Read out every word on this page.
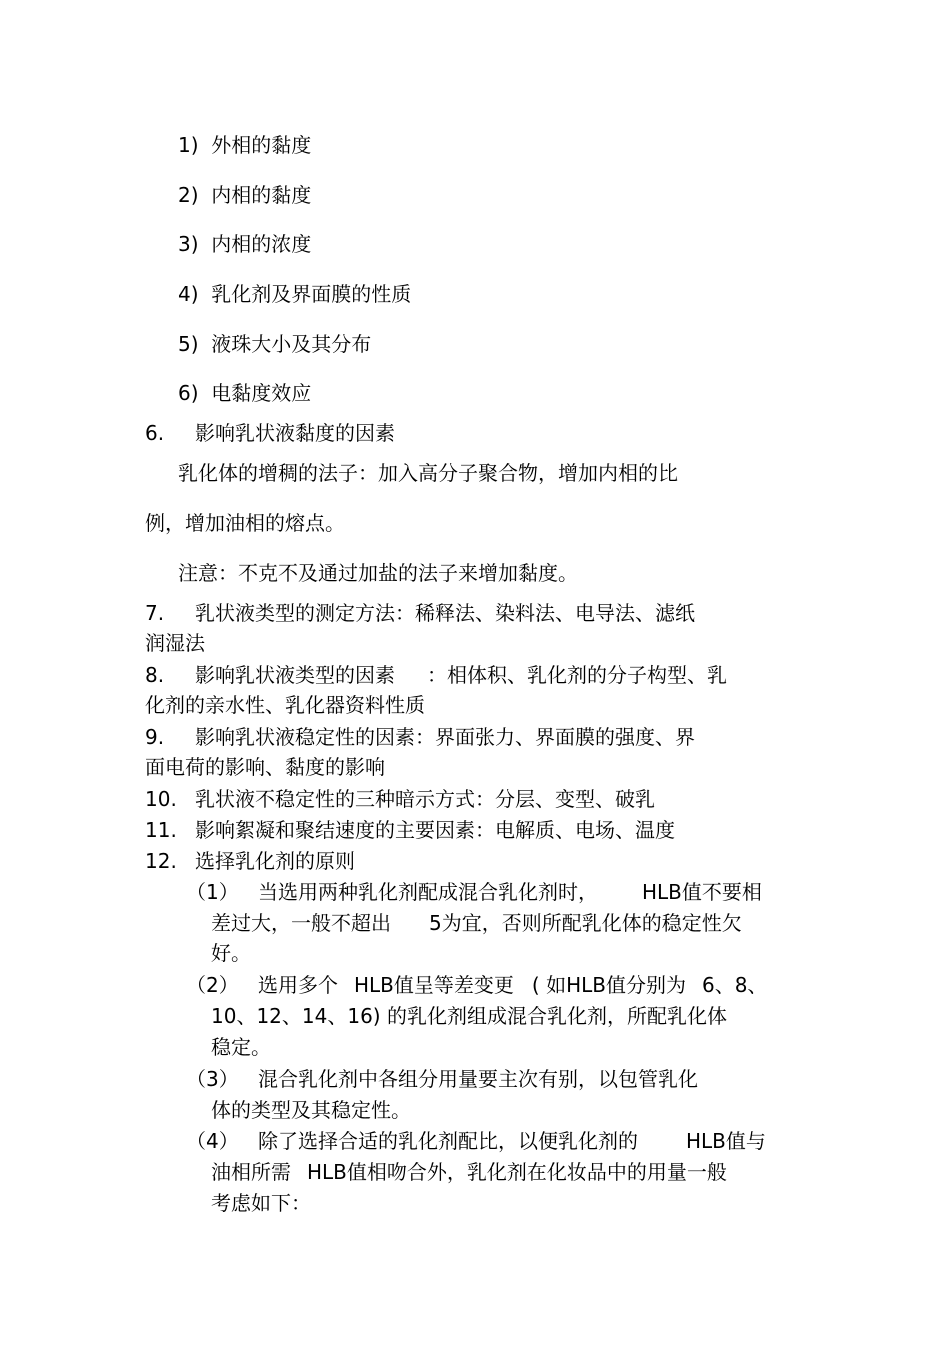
1) 外相的黏度
2) 内相的黏度
3) 内相的浓度
4) 乳化剂及界面膜的性质
5) 液珠大小及其分布
6) 电黏度效应
6. 影响乳状液黏度的因素
乳化体的增稠的法子：加入高分子聚合物，增加内相的比
例，增加油相的熔点。
注意：不克不及通过加盐的法子来增加黏度。
7. 乳状液类型的测定方法：稀释法、染料法、电导法、滤纸
润湿法
8. 影响乳状液类型的因素 ：相体积、乳化剂的分子构型、乳
化剂的亲水性、乳化器资料性质
9. 影响乳状液稳定性的因素：界面张力、界面膜的强度、界
面电荷的影响、黏度的影响
10. 乳状液不稳定性的三种暗示方式：分层、变型、破乳
11. 影响絮凝和聚结速度的主要因素：电解质、电场、温度
12. 选择乳化剂的原则
（1） 当选用两种乳化剂配成混合乳化剂时， HLB值不要相
差过大，一般不超出 5为宜，否则所配乳化体的稳定性欠
好。
（2） 选用多个 HLB值呈等差变更 ( 如HLB值分别为 6、8、
10、12、14、16) 的乳化剂组成混合乳化剂，所配乳化体
稳定。
（3） 混合乳化剂中各组分用量要主次有别，以包管乳化
体的类型及其稳定性。
（4） 除了选择合适的乳化剂配比，以便乳化剂的 HLB值与
油相所需 HLB值相吻合外，乳化剂在化妆品中的用量一般
考虑如下：
